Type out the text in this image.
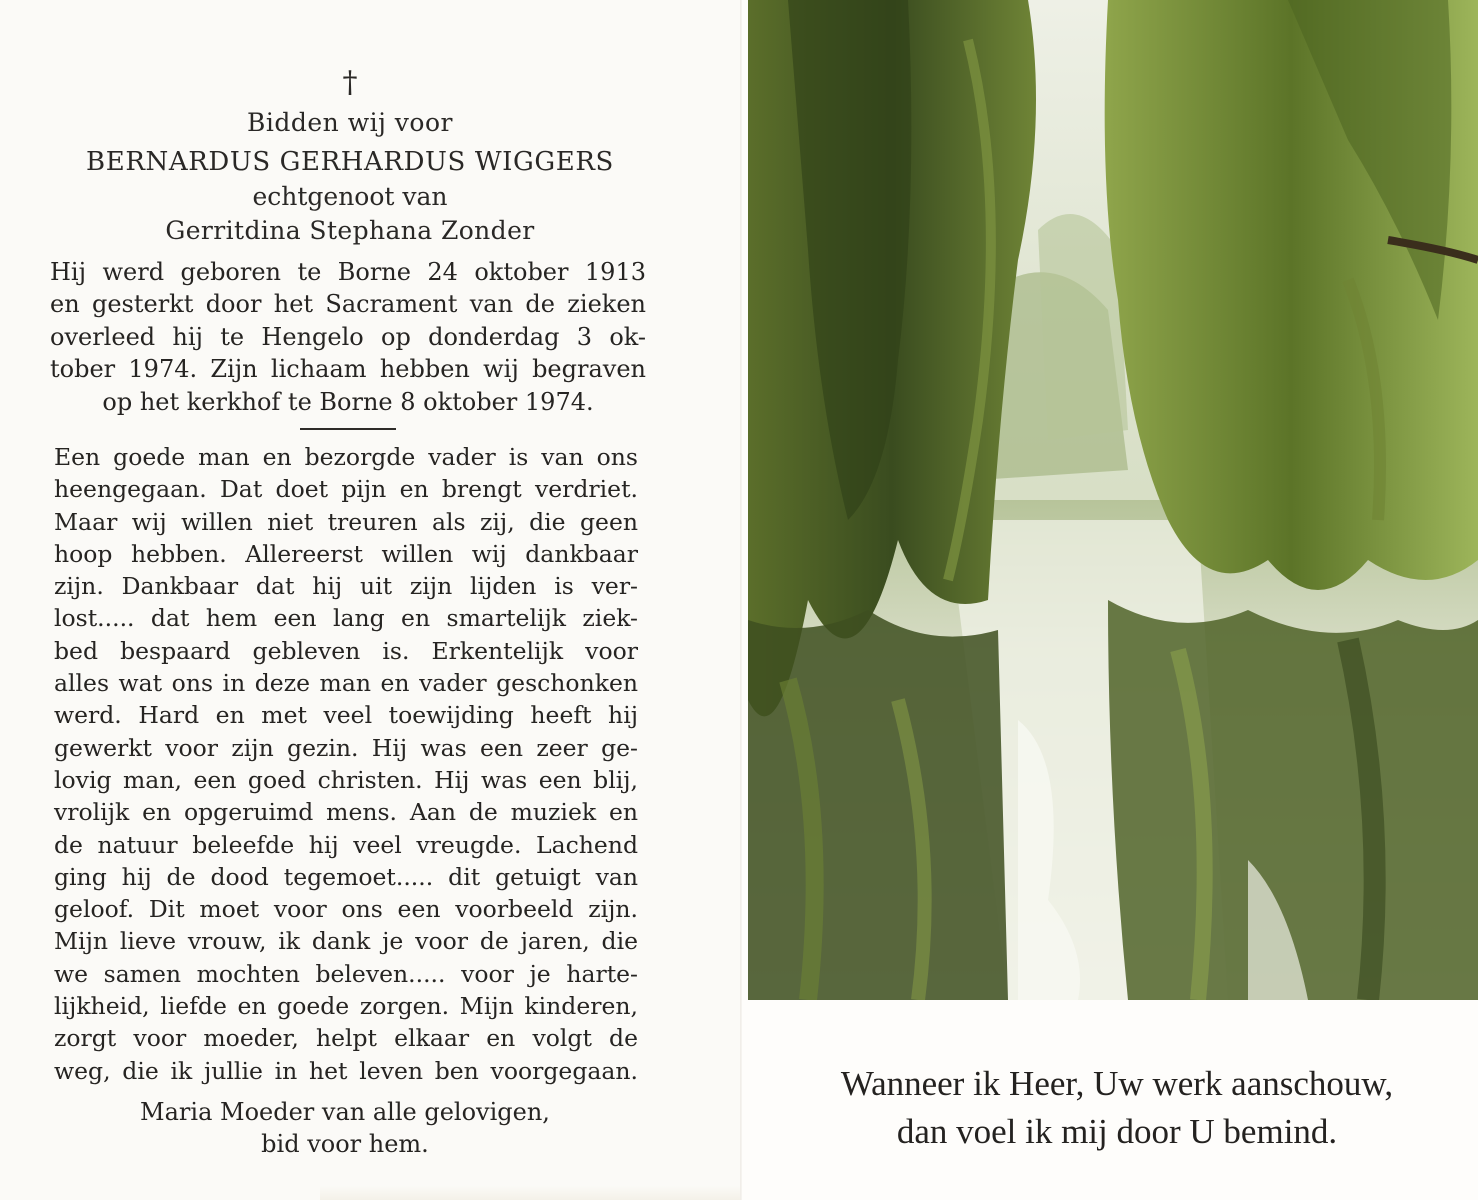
†
Bidden wij voor
BERNARDUS GERHARDUS WIGGERS
echtgenoot van
Gerritdina Stephana Zonder
Hij werd geboren te Borne 24 oktober 1913
en gesterkt door het Sacrament van de zieken
overleed hij te Hengelo op donderdag 3 ok-
tober 1974. Zijn lichaam hebben wij begraven
op het kerkhof te Borne 8 oktober 1974.
Een goede man en bezorgde vader is van ons
heengegaan. Dat doet pijn en brengt verdriet.
Maar wij willen niet treuren als zij, die geen
hoop hebben. Allereerst willen wij dankbaar
zijn. Dankbaar dat hij uit zijn lijden is ver-
lost..... dat hem een lang en smartelijk ziek-
bed bespaard gebleven is. Erkentelijk voor
alles wat ons in deze man en vader geschonken
werd. Hard en met veel toewijding heeft hij
gewerkt voor zijn gezin. Hij was een zeer ge-
lovig man, een goed christen. Hij was een blij,
vrolijk en opgeruimd mens. Aan de muziek en
de natuur beleefde hij veel vreugde. Lachend
ging hij de dood tegemoet..... dit getuigt van
geloof. Dit moet voor ons een voorbeeld zijn.
Mijn lieve vrouw, ik dank je voor de jaren, die
we samen mochten beleven..... voor je harte-
lijkheid, liefde en goede zorgen. Mijn kinderen,
zorgt voor moeder, helpt elkaar en volgt de
weg, die ik jullie in het leven ben voorgegaan.
Maria Moeder van alle gelovigen,
bid voor hem.
Wanneer ik Heer, Uw werk aanschouw,
dan voel ik mij door U bemind.
